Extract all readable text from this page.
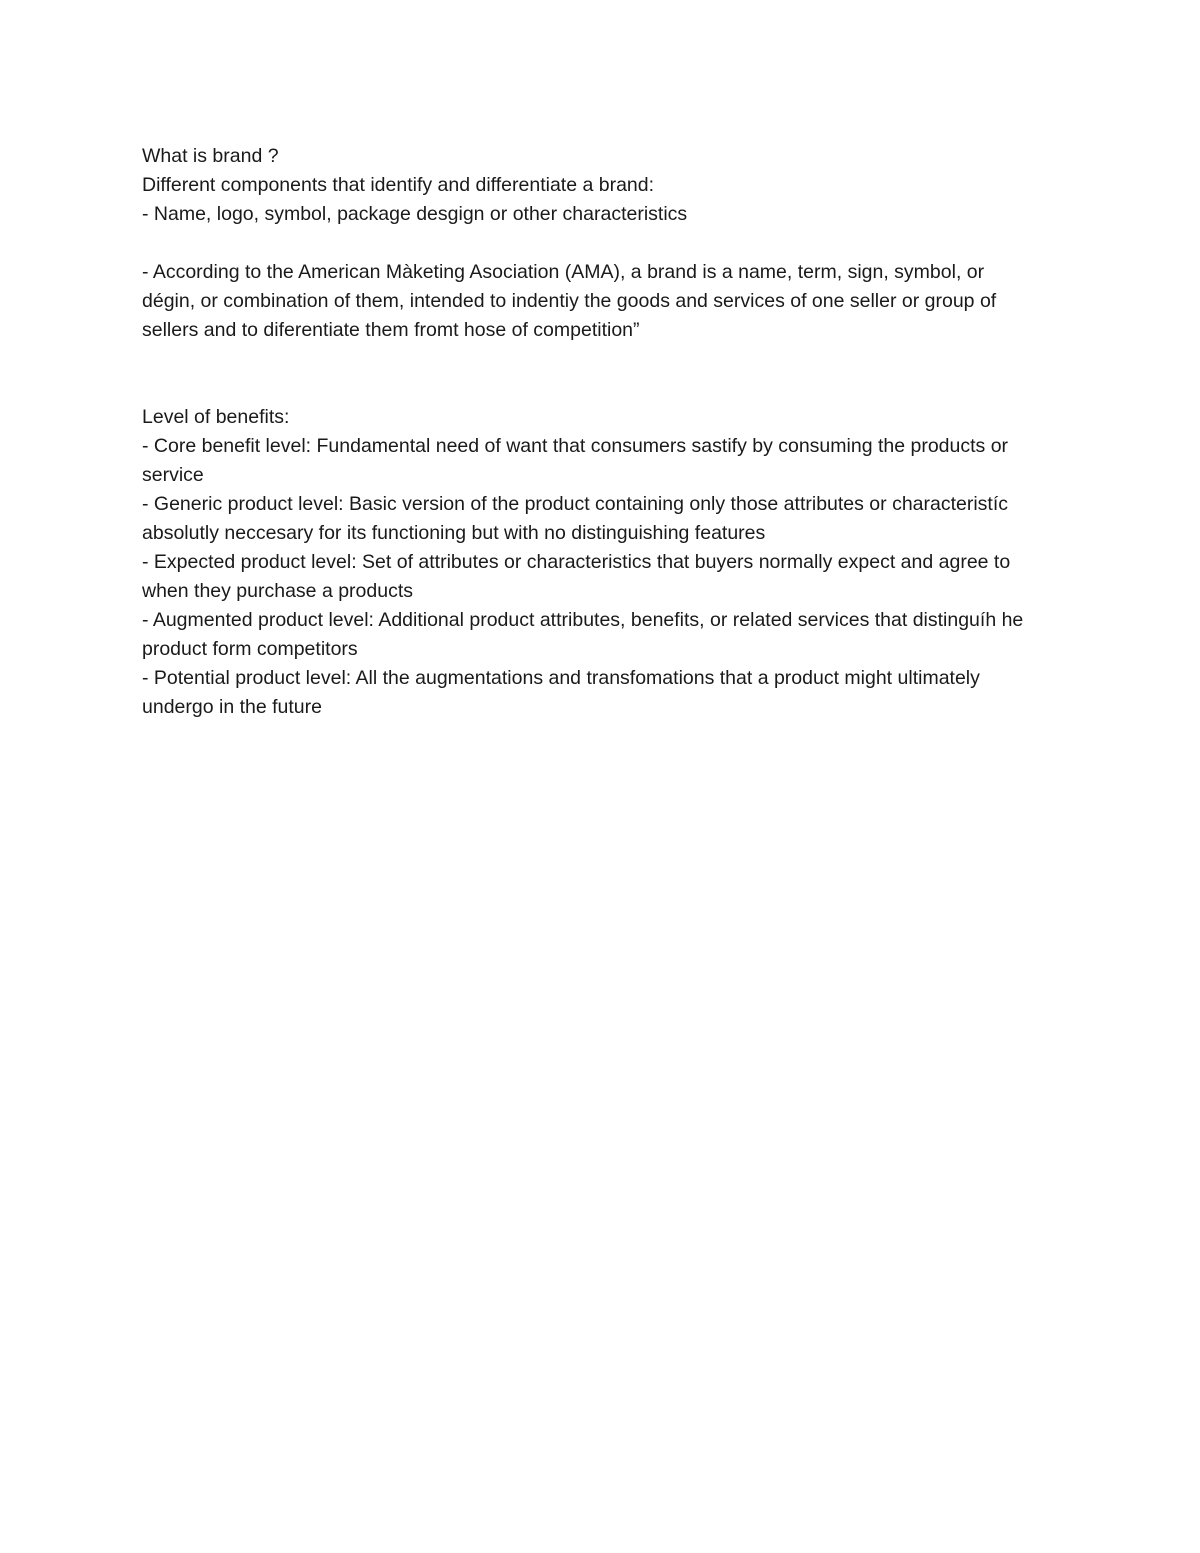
What is brand ?

Different components that identify and differentiate a brand:

- Name, logo, symbol, package desgign or other characteristics

- According to the American Màketing Asociation (AMA), a brand is a name, term, sign, symbol, or dégin, or combination of them, intended to indentiy the goods and services of one seller or group of sellers and to diferentiate them fromt hose of competition”

Level of benefits:

- Core benefit level: Fundamental need of want that consumers sastify by consuming the products or service

- Generic product level: Basic version of the product containing only those attributes or characteristíc absolutly neccesary for its functioning but with no distinguishing features

- Expected product level: Set of attributes or characteristics that buyers normally expect and agree to when they purchase a products

- Augmented product level: Additional product attributes, benefits, or related services that distinguíh he product form competitors

- Potential product level: All the augmentations and transfomations that a product might ultimately undergo in the future
